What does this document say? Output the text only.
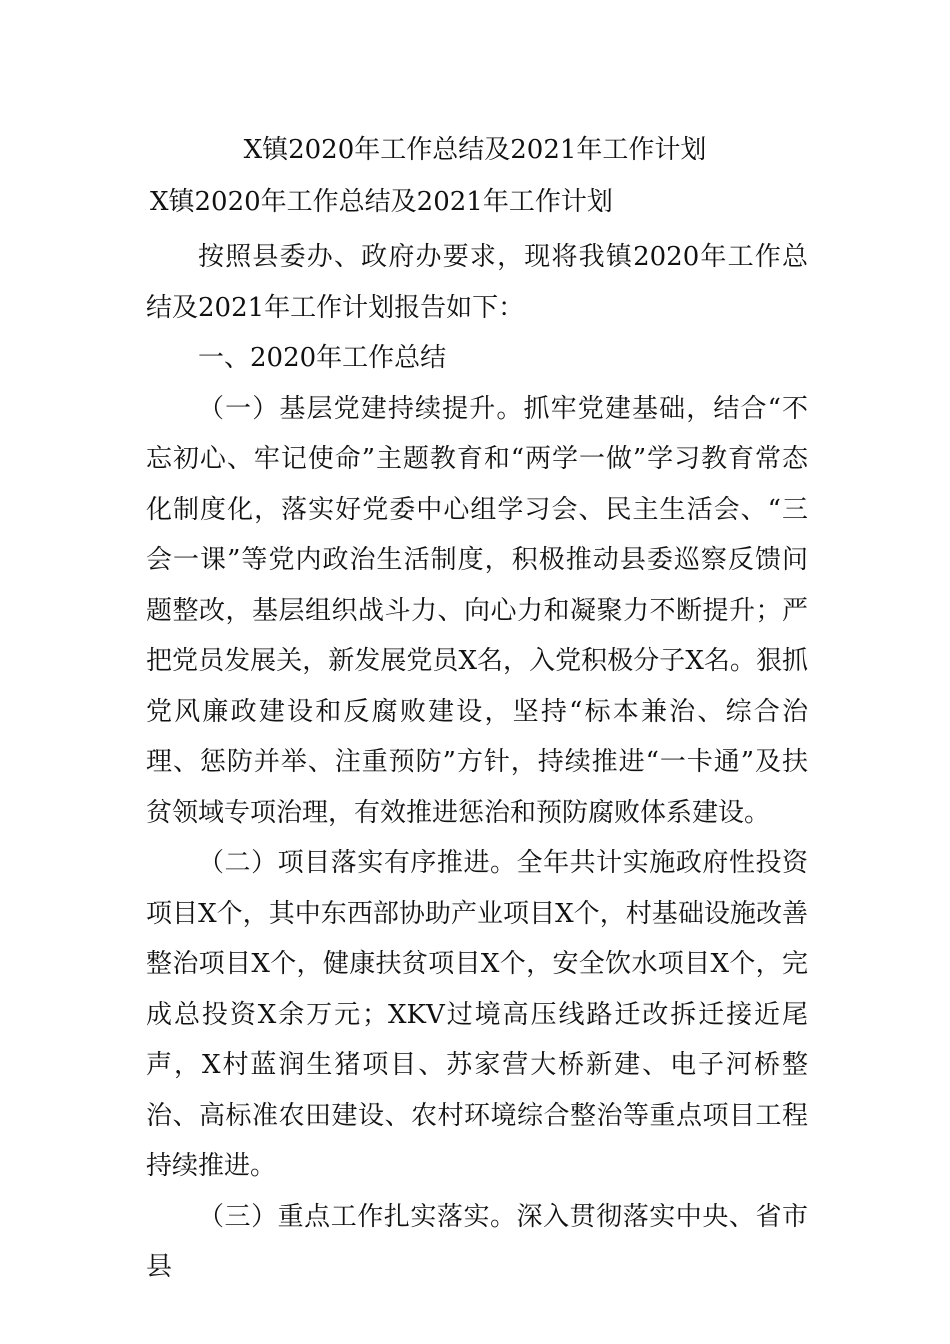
X镇2020年工作总结及2021年工作计划
X镇2020年工作总结及2021年工作计划

按照县委办、政府办要求，现将我镇2020年工作总结及2021年工作计划报告如下：

一、2020年工作总结

（一）基层党建持续提升。抓牢党建基础，结合“不忘初心、牢记使命”主题教育和“两学一做”学习教育常态化制度化，落实好党委中心组学习会、民主生活会、“三会一课”等党内政治生活制度，积极推动县委巡察反馈问题整改，基层组织战斗力、向心力和凝聚力不断提升；严把党员发展关，新发展党员X名，入党积极分子X名。狠抓党风廉政建设和反腐败建设，坚持“标本兼治、综合治理、惩防并举、注重预防”方针，持续推进“一卡通”及扶贫领域专项治理，有效推进惩治和预防腐败体系建设。

（二）项目落实有序推进。全年共计实施政府性投资项目X个，其中东西部协助产业项目X个，村基础设施改善整治项目X个，健康扶贫项目X个，安全饮水项目X个，完成总投资X余万元；XKV过境高压线路迁改拆迁接近尾声，X村蓝润生猪项目、苏家营大桥新建、电子河桥整治、高标准农田建设、农村环境综合整治等重点项目工程持续推进。

（三）重点工作扎实落实。深入贯彻落实中央、省市县
